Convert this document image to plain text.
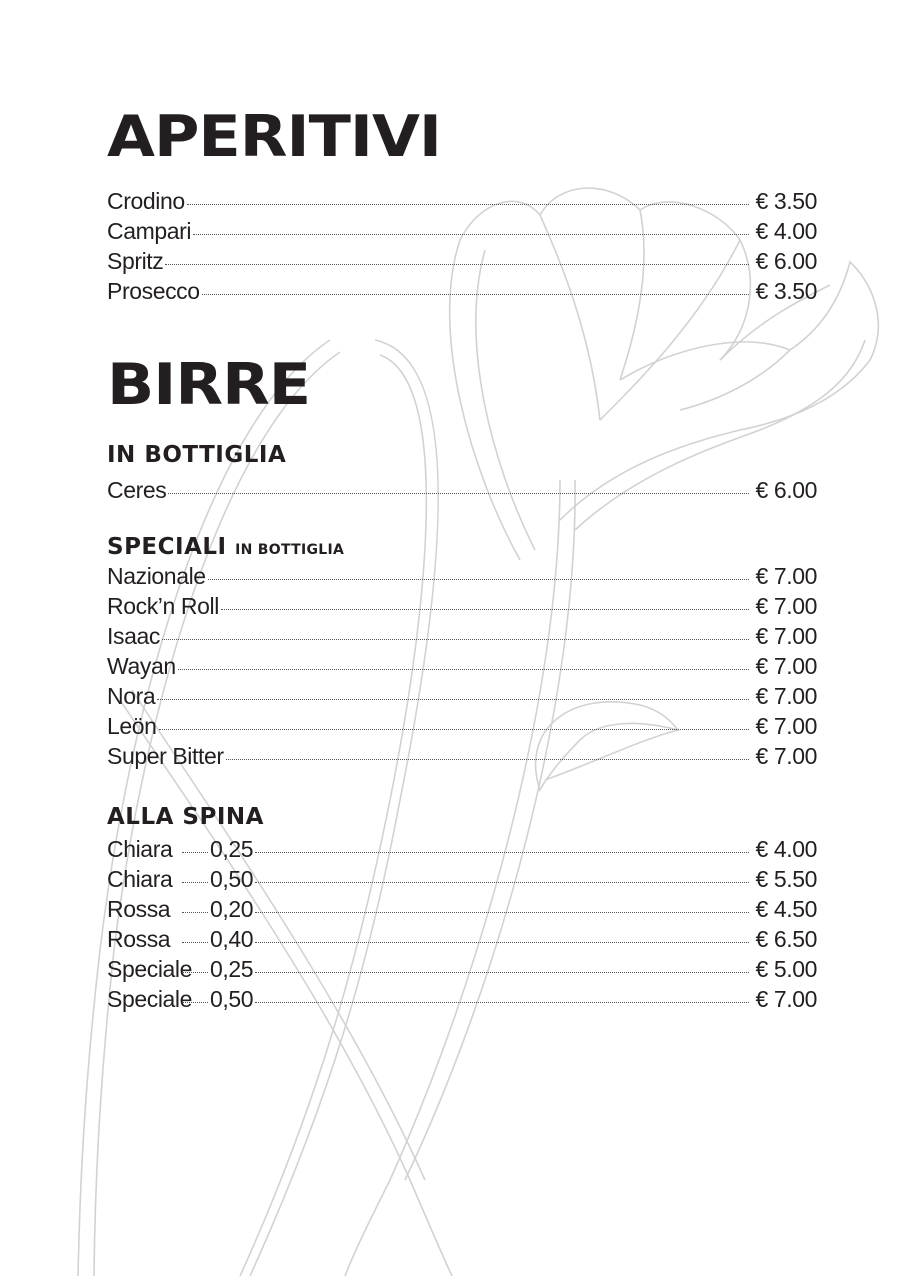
APERITIVI
Crodino	€ 3.50
Campari	€ 4.00
Spritz	€ 6.00
Prosecco	€ 3.50
BIRRE
IN BOTTIGLIA
Ceres	€ 6.00
SPECIALI IN BOTTIGLIA
Nazionale	€ 7.00
Rock’n Roll	€ 7.00
Isaac	€ 7.00
Wayan	€ 7.00
Nora	€ 7.00
Leön	€ 7.00
Super Bitter	€ 7.00
ALLA SPINA
Chiara	0,25	€ 4.00
Chiara	0,50	€ 5.50
Rossa	0,20	€ 4.50
Rossa	0,40	€ 6.50
Speciale 0,25	€ 5.00
Speciale 0,50	€ 7.00
